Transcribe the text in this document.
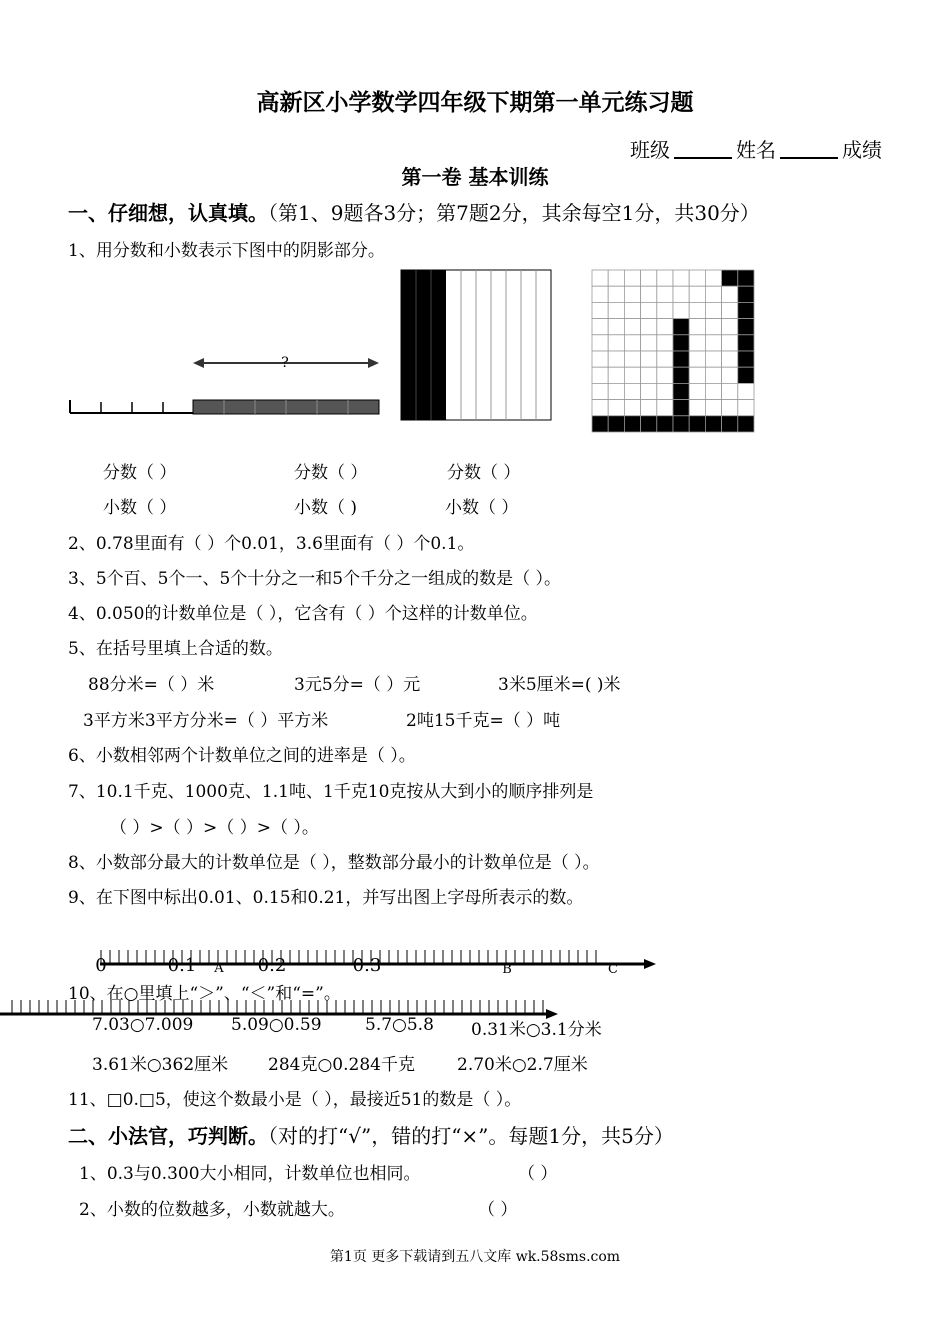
高新区小学数学四年级下期第一单元练习题
班级	姓名	成绩
第一卷 基本训练
一、仔细想，认真填。（第1、9题各3分；第7题2分，其余每空1分，共30分）
1、用分数和小数表示下图中的阴影部分。
?
分数（ ）	分数（ ）	分数（ ）
小数（ ）	小数（ )	小数（ ）
2、0.78里面有（ ）个0.01，3.6里面有（ ）个0.1。
3、5个百、5个一、5个十分之一和5个千分之一组成的数是（ ）。
4、0.050的计数单位是（ ），它含有（ ）个这样的计数单位。
5、在括号里填上合适的数。
88分米=（ ）米	3元5分=（ ）元	3米5厘米=( )米
3平方米3平方分米=（ ）平方米	2吨15千克=（ ）吨
6、小数相邻两个计数单位之间的进率是（ ）。
7、10.1千克、1000克、1.1吨、1千克10克按从大到小的顺序排列是
（ ）>（ ）>（ ）>（ ）。
8、小数部分最大的计数单位是（ ），整数部分最小的计数单位是（ ）。
9、在下图中标出0.01、0.15和0.21，并写出图上字母所表示的数。
0	0.1 A 0.2	0.3	B	C
10、在○里填上“＞”、“＜”和“=”。
7.03○7.009 5.09○0.59	5.7○5.8 0.31米○3.1分米
3.61米○362厘米 284克○0.284千克 2.70米○2.7厘米
11、□0.□5，使这个数最小是（ ），最接近51的数是（ ）。
二、小法官，巧判断。（对的打“√”，错的打“×”。每题1分，共5分）
1、0.3与0.300大小相同，计数单位也相同。	（ ）
2、小数的位数越多，小数就越大。	（ ）
第1页 更多下载请到五八文库 wk.58sms.com
